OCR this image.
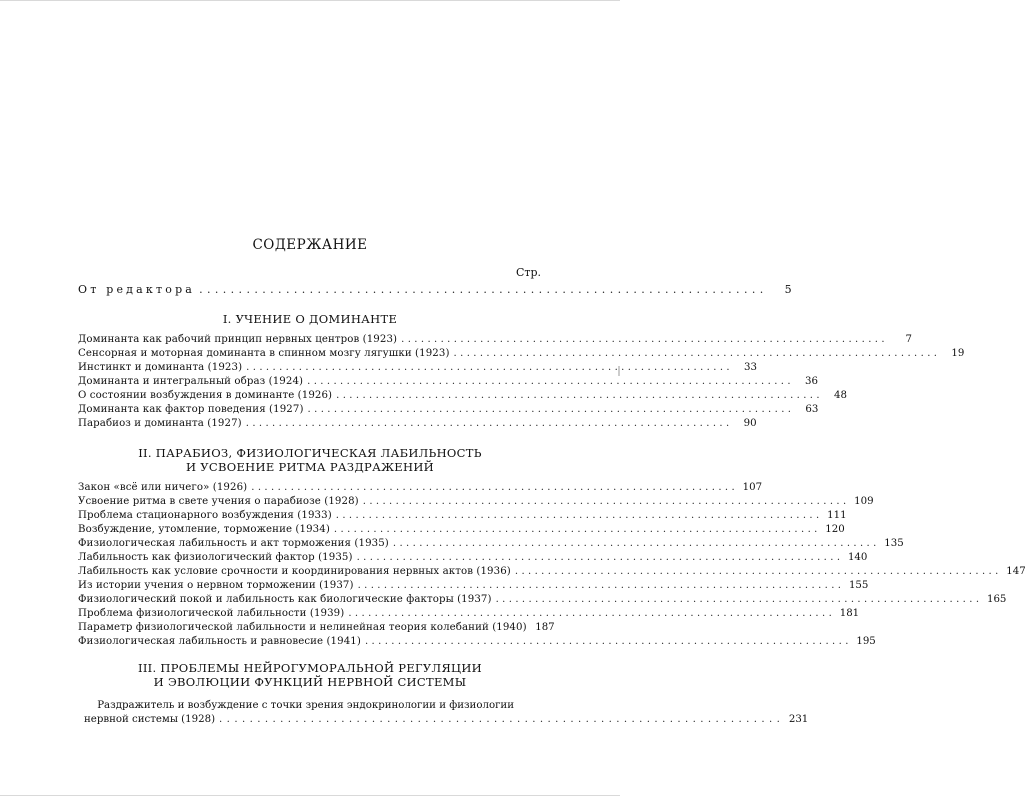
СОДЕРЖАНИЕ
Стр.
От редактора ........................................................................	5
I. УЧЕНИЕ О ДОМИНАНТЕ
Доминанта как рабочий принцип нервных центров (1923) ..........................................................................	7
Сенсорная и моторная доминанта в спинном мозгу лягушки (1923) ..........................................................................	19
Инстинкт и доминанта (1923) ..........................................................................	33
Доминанта и интегральный образ (1924) ..........................................................................	36
О состоянии возбуждения в доминанте (1926) ..........................................................................	48
Доминанта как фактор поведения (1927) ..........................................................................	63
Парабиоз и доминанта (1927) ..........................................................................	90
II. ПАРАБИОЗ, ФИЗИОЛОГИЧЕСКАЯ ЛАБИЛЬНОСТЬ
И УСВОЕНИЕ РИТМА РАЗДРАЖЕНИЙ
Закон «всё или ничего» (1926) .......................................................................... 107
Усвоение ритма в свете учения о парабиозе (1928) .......................................................................... 109
Проблема стационарного возбуждения (1933) .......................................................................... 111
Возбуждение, утомление, торможение (1934) .......................................................................... 120
Физиологическая лабильность и акт торможения (1935) .......................................................................... 135
Лабильность как физиологический фактор (1935) .......................................................................... 140
Лабильность как условие срочности и координирования нервных актов (1936) .......................................................................... 147
Из истории учения о нервном торможении (1937) .......................................................................... 155
Физиологический покой и лабильность как биологические факторы (1937) .......................................................................... 165
Проблема физиологической лабильности (1939) .......................................................................... 181
Параметр физиологической лабильности и нелинейная теория колебаний (1940) 187
Физиологическая лабильность и равновесие (1941) .......................................................................... 195
III. ПРОБЛЕМЫ НЕЙРОГУМОРАЛЬНОЙ РЕГУЛЯЦИИ
И ЭВОЛЮЦИИ ФУНКЦИЙ НЕРВНОЙ СИСТЕМЫ
Раздражитель и возбуждение с точки зрения эндокринологии и физиологии
нервной системы (1928) .......................................................................... 231
